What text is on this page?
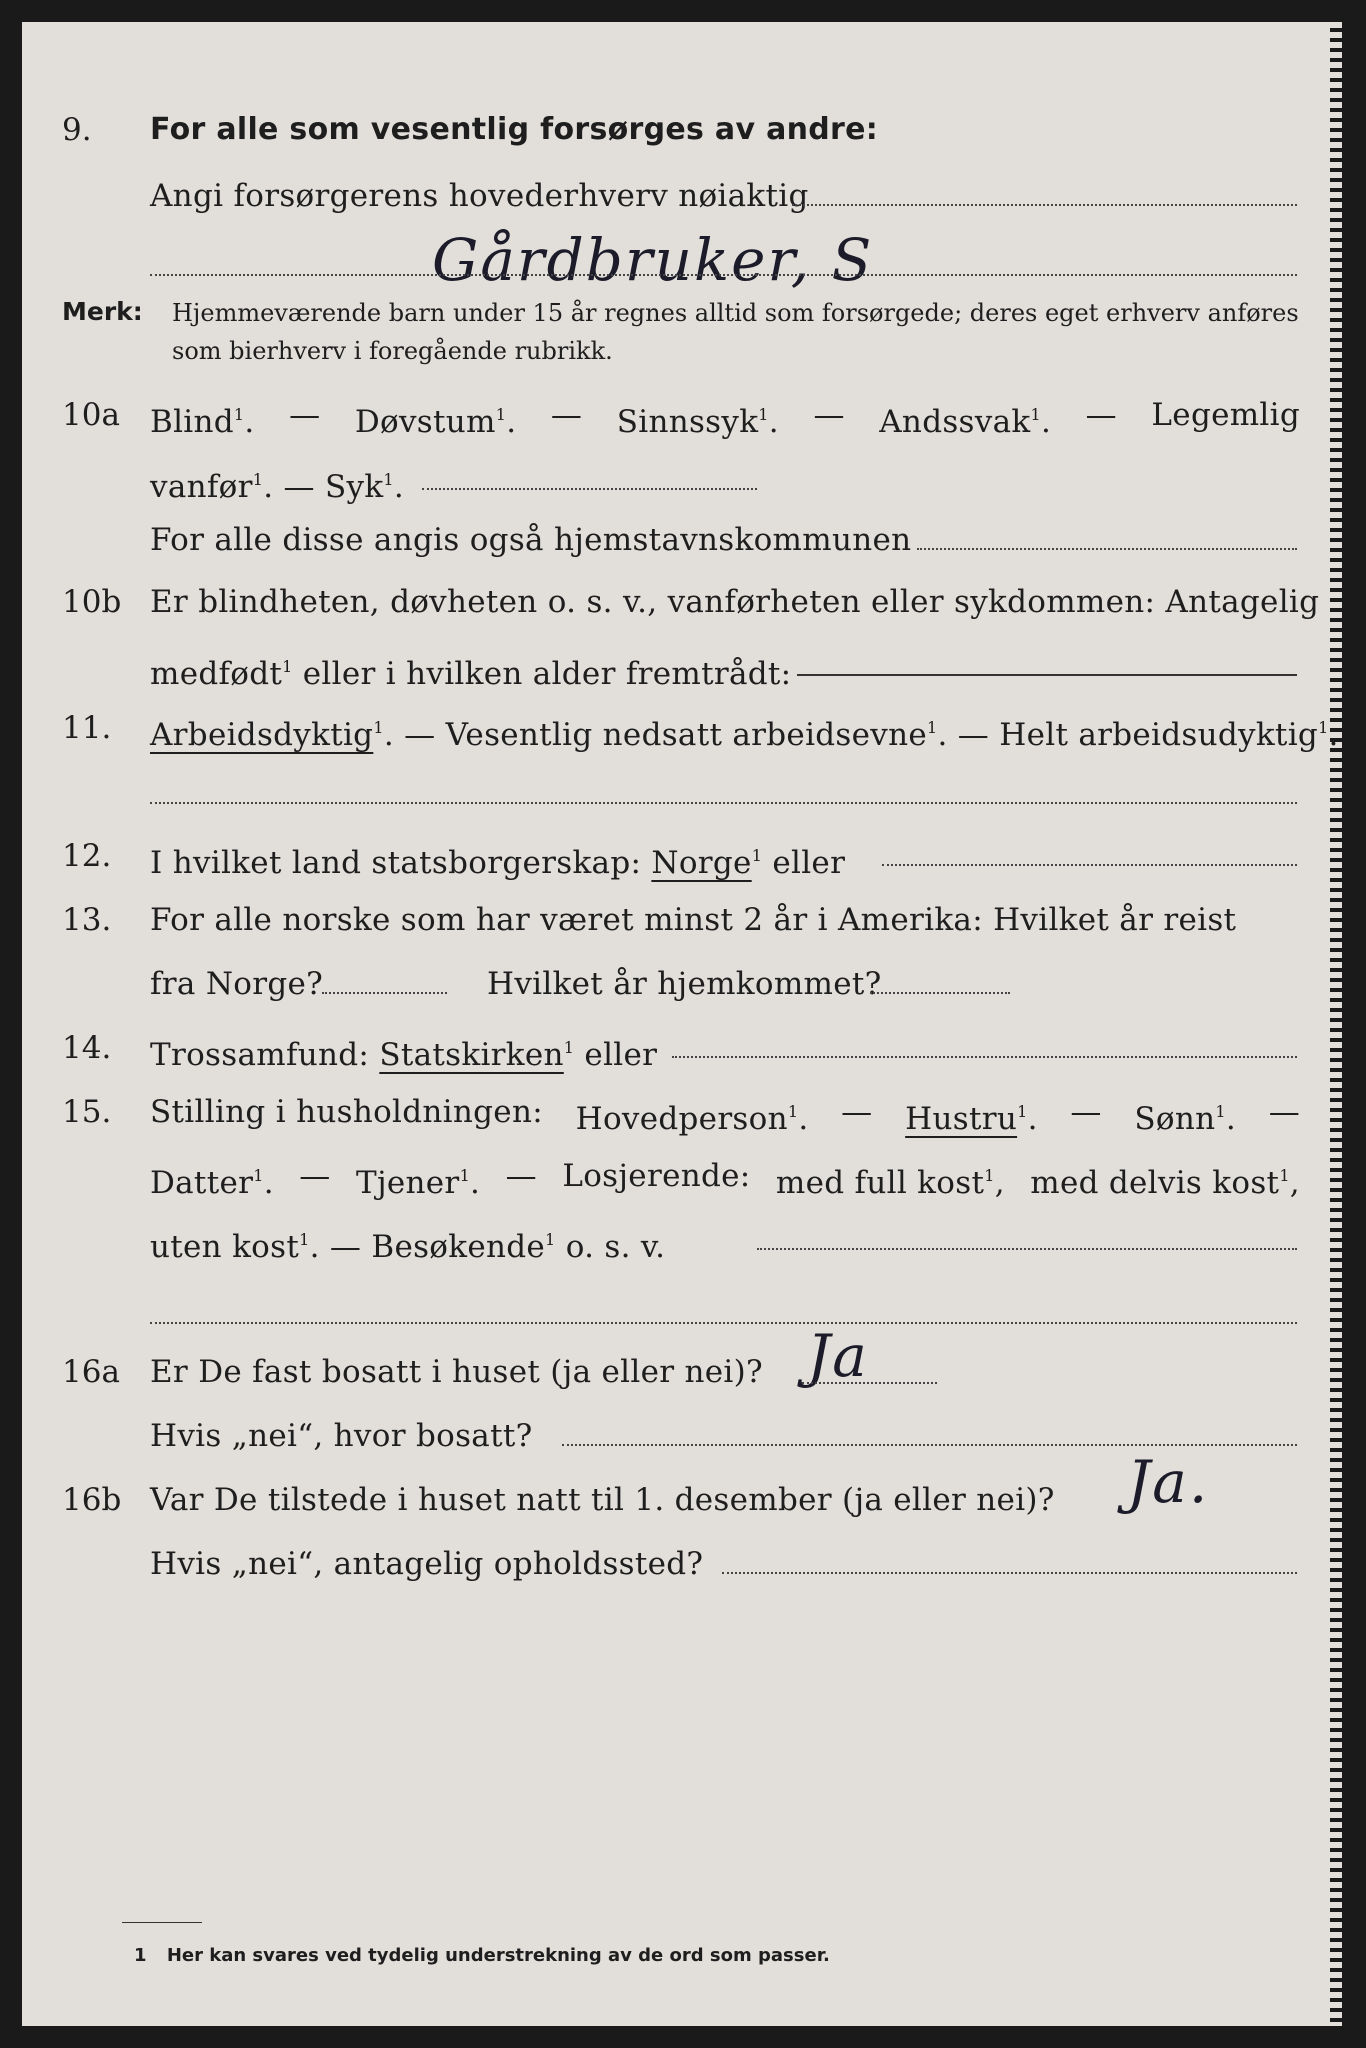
9.	For alle som vesentlig forsørges av andre:
Angi forsørgerens hovederhverv nøiaktig
Gårdbruker, S
Merk: Hjemmeværende barn under 15 år regnes alltid som forsørgede; deres eget erhverv anføres som bierhverv i foregående rubrikk.
10a Blind$^1$. — Døvstum$^1$. — Sinnssyk$^1$. — Andssvak$^1$. — Legemlig
vanfør$^1$. — Syk$^1$.
For alle disse angis også hjemstavnskommunen
10b Er blindheten, døvheten o. s. v., vanførheten eller sykdommen: Antagelig
medfødt$^1$ eller i hvilken alder fremtrådt:
11.	Arbeidsdyktig$^1$. — Vesentlig nedsatt arbeidsevne$^1$. — Helt arbeidsudyktig$^1$.
12.	I hvilket land statsborgerskap: Norge$^1$ eller
13.	For alle norske som har været minst 2 år i Amerika: Hvilket år reist
fra Norge?	Hvilket år hjemkommet?
14.	Trossamfund: Statskirken$^1$ eller
15.	Stilling i husholdningen: Hovedperson$^1$. — Hustru$^1$. — Sønn$^1$. —
Datter$^1$. — Tjener$^1$. — Losjerende: med full kost$^1$, med delvis kost$^1$,
uten kost$^1$. — Besøkende$^1$ o. s. v.
16a Er De fast bosatt i huset (ja eller nei)? Ja
Hvis „nei“, hvor bosatt?
16b Var De tilstede i huset natt til 1. desember (ja eller nei)? Ja.
Hvis „nei“, antagelig opholdssted?
1 Her kan svares ved tydelig understrekning av de ord som passer.
